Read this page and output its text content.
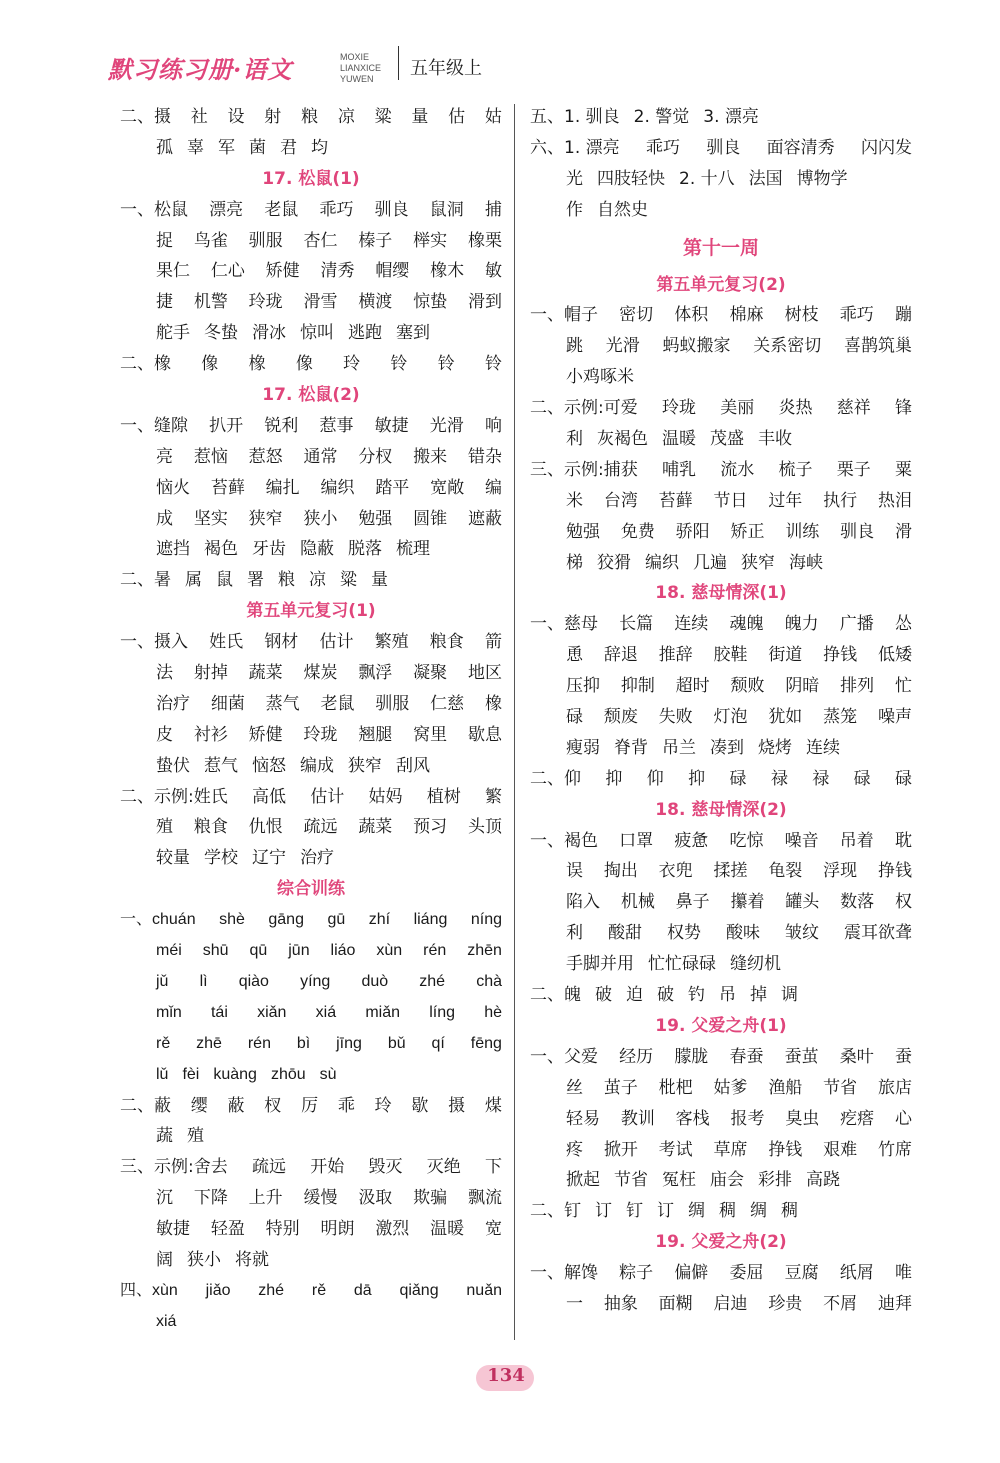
默习练习册·语文	MOXIE LIANXICE YUWEN	五年级上
二、摄 社 设 射 粮 凉 粱 量 估 姑
孤 辜 军 菌 君 均
17. 松鼠(1)
一、松鼠 漂亮 老鼠 乖巧 驯良 鼠洞 捕
捉 鸟雀 驯服 杏仁 榛子 榉实 橡栗
果仁 仁心 矫健 清秀 帽缨 橡木 敏
捷 机警 玲珑 滑雪 横渡 惊蛰 滑到
舵手 冬蛰 滑冰 惊叫 逃跑 塞到
二、橡 像 橡 像 玲 铃 铃 铃
17. 松鼠(2)
一、缝隙 扒开 锐利 惹事 敏捷 光滑 响
亮 惹恼 惹怒 通常 分杈 搬来 错杂
恼火 苔藓 编扎 编织 踏平 宽敞 编
成 坚实 狭窄 狭小 勉强 圆锥 遮蔽
遮挡 褐色 牙齿 隐蔽 脱落 梳理
二、暑 属 鼠 署 粮 凉 粱 量
第五单元复习(1)
一、摄入 姓氏 钢材 估计 繁殖 粮食 箭
法 射掉 蔬菜 煤炭 飘浮 凝聚 地区
治疗 细菌 蒸气 老鼠 驯服 仁慈 橡
皮 衬衫 矫健 玲珑 翘腿 窝里 歇息
蛰伏 惹气 恼怒 编成 狭窄 刮风
二、示例:姓氏 高低 估计 姑妈 植树 繁
殖 粮食 仇恨 疏远 蔬菜 预习 头顶
较量 学校 辽宁 治疗
综合训练
一、chuán shè gāng gū zhí liáng níng
méi shū qū jūn liáo xùn rén zhēn
jǔ lì qiào yíng duò zhé chà
mǐn tái xiǎn xiá miǎn líng hè
rě zhē rén bì jīng bǔ qí fēng
lǔ fèi kuàng zhōu sù
二、蔽 缨 蔽 杈 厉 乖 玲 歇 摄 煤
蔬 殖
三、示例:舍去 疏远 开始 毁灭 灭绝 下
沉 下降 上升 缓慢 汲取 欺骗 飘流
敏捷 轻盈 特别 明朗 激烈 温暖 宽
阔 狭小 将就
四、xùn jiǎo zhé rě dā qiǎng nuǎn
xiá
五、1. 驯良 2. 警觉 3. 漂亮
六、1. 漂亮 乖巧 驯良 面容清秀 闪闪发
光 四肢轻快 2. 十八 法国 博物学
作 自然史
第十一周
第五单元复习(2)
一、帽子 密切 体积 棉麻 树枝 乖巧 蹦
跳 光滑 蚂蚁搬家 关系密切 喜鹊筑巢
小鸡啄米
二、示例:可爱 玲珑 美丽 炎热 慈祥 锋
利 灰褐色 温暖 茂盛 丰收
三、示例:捕获 哺乳 流水 梳子 栗子 粟
米 台湾 苔藓 节日 过年 执行 热泪
勉强 免费 骄阳 矫正 训练 驯良 滑
梯 狡猾 编织 几遍 狭窄 海峡
18. 慈母情深(1)
一、慈母 长篇 连续 魂魄 魄力 广播 怂
恿 辞退 推辞 胶鞋 街道 挣钱 低矮
压抑 抑制 超时 颓败 阴暗 排列 忙
碌 颓废 失败 灯泡 犹如 蒸笼 噪声
瘦弱 脊背 吊兰 凑到 烧烤 连续
二、仰 抑 仰 抑 碌 禄 禄 碌 碌
18. 慈母情深(2)
一、褐色 口罩 疲惫 吃惊 噪音 吊着 耽
误 掏出 衣兜 揉搓 龟裂 浮现 挣钱
陷入 机械 鼻子 攥着 罐头 数落 权
利 酸甜 权势 酸味 皱纹 震耳欲聋
手脚并用 忙忙碌碌 缝纫机
二、魄 破 迫 破 钓 吊 掉 调
19. 父爱之舟(1)
一、父爱 经历 朦胧 春蚕 蚕茧 桑叶 蚕
丝 茧子 枇杷 姑爹 渔船 节省 旅店
轻易 教训 客栈 报考 臭虫 疙瘩 心
疼 掀开 考试 草席 挣钱 艰难 竹席
掀起 节省 冤枉 庙会 彩排 高跷
二、钉 订 钉 订 绸 稠 绸 稠
19. 父爱之舟(2)
一、解馋 粽子 偏僻 委屈 豆腐 纸屑 唯
一 抽象 面糊 启迪 珍贵 不屑 迪拜
134
